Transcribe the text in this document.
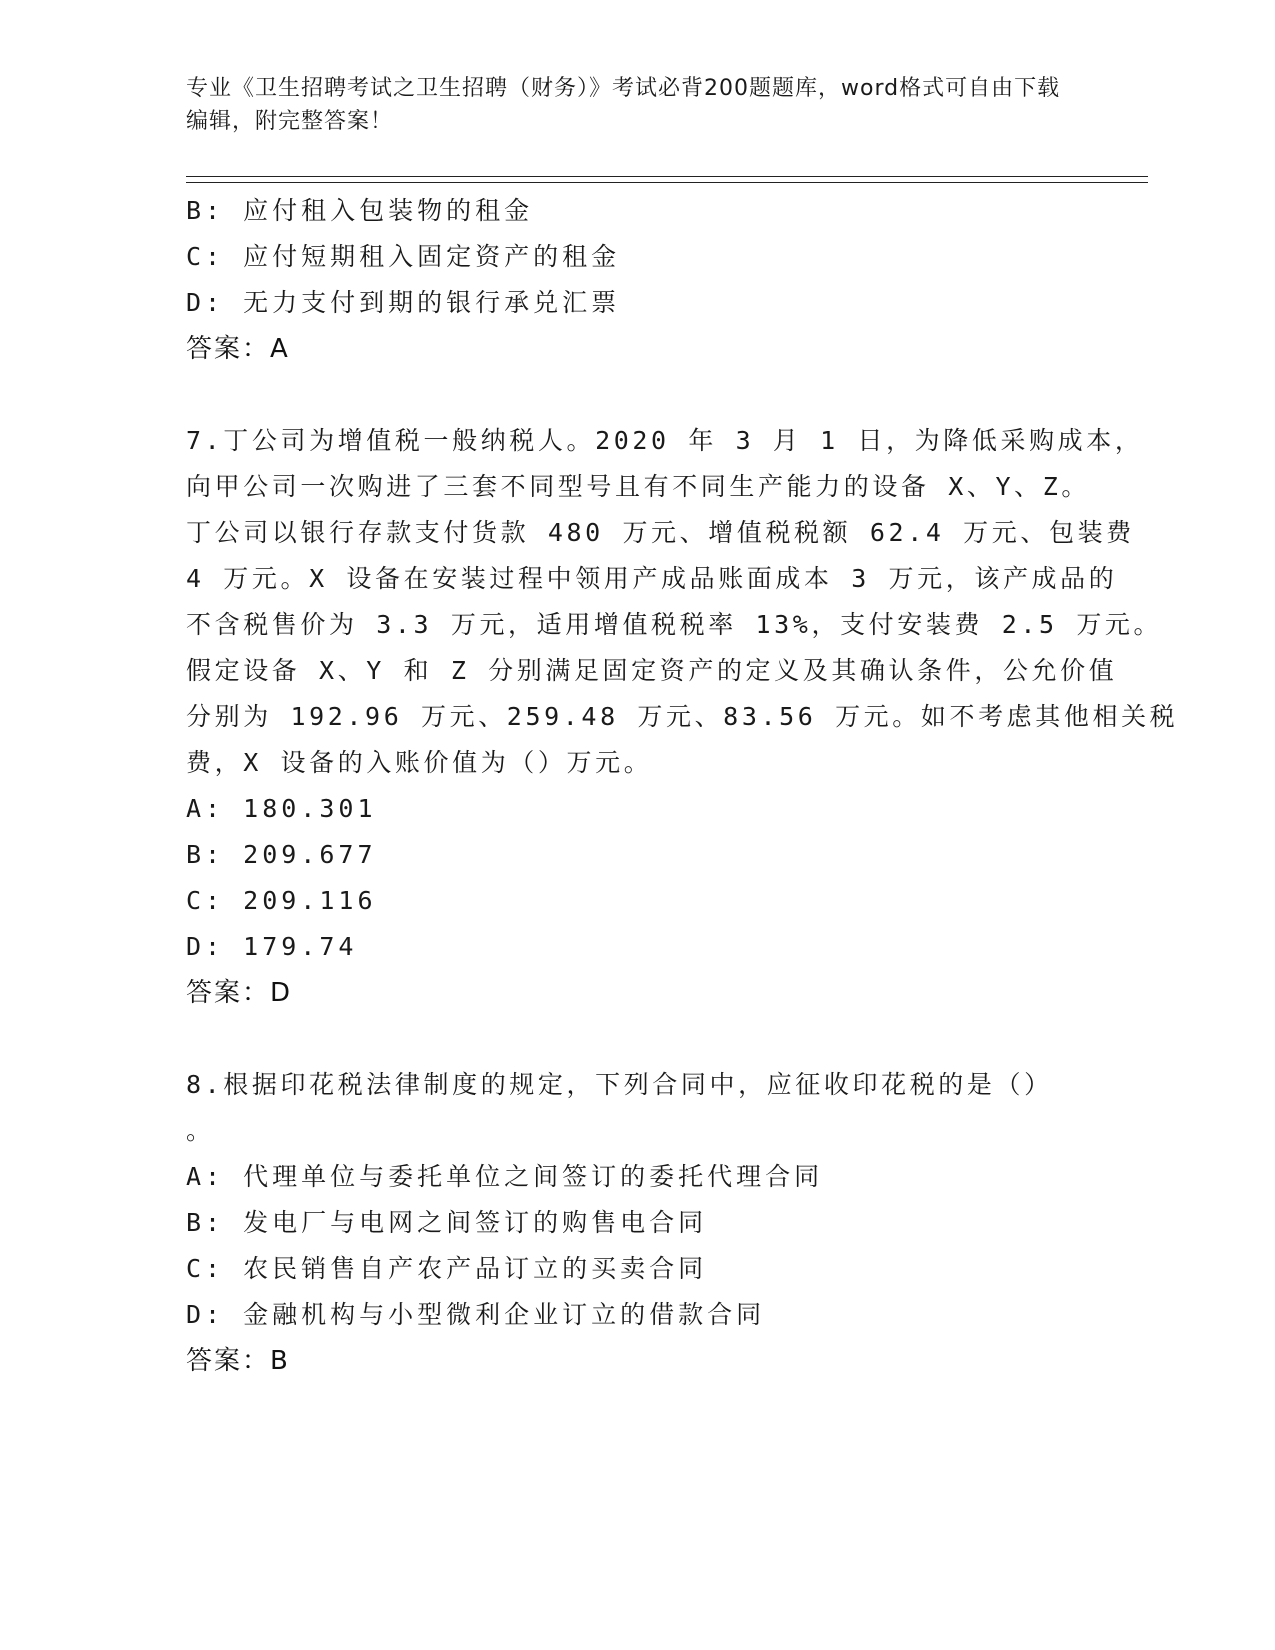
专业《卫生招聘考试之卫生招聘（财务）》考试必背200题题库，word格式可自由下载编辑，附完整答案！
B: 应付租入包装物的租金
C: 应付短期租入固定资产的租金
D: 无力支付到期的银行承兑汇票
答案：A
7.丁公司为增值税一般纳税人。2020 年 3 月 1 日，为降低采购成本，
向甲公司一次购进了三套不同型号且有不同生产能力的设备 X、Y、Z。
丁公司以银行存款支付货款 480 万元、增值税税额 62.4 万元、包装费
4 万元。X 设备在安装过程中领用产成品账面成本 3 万元，该产成品的
不含税售价为 3.3 万元，适用增值税税率 13%，支付安装费 2.5 万元。
假定设备 X、Y 和 Z 分别满足固定资产的定义及其确认条件，公允价值
分别为 192.96 万元、259.48 万元、83.56 万元。如不考虑其他相关税
费，X 设备的入账价值为（）万元。
A: 180.301
B: 209.677
C: 209.116
D: 179.74
答案：D
8.根据印花税法律制度的规定，下列合同中，应征收印花税的是（）
。
A: 代理单位与委托单位之间签订的委托代理合同
B: 发电厂与电网之间签订的购售电合同
C: 农民销售自产农产品订立的买卖合同
D: 金融机构与小型微利企业订立的借款合同
答案：B
